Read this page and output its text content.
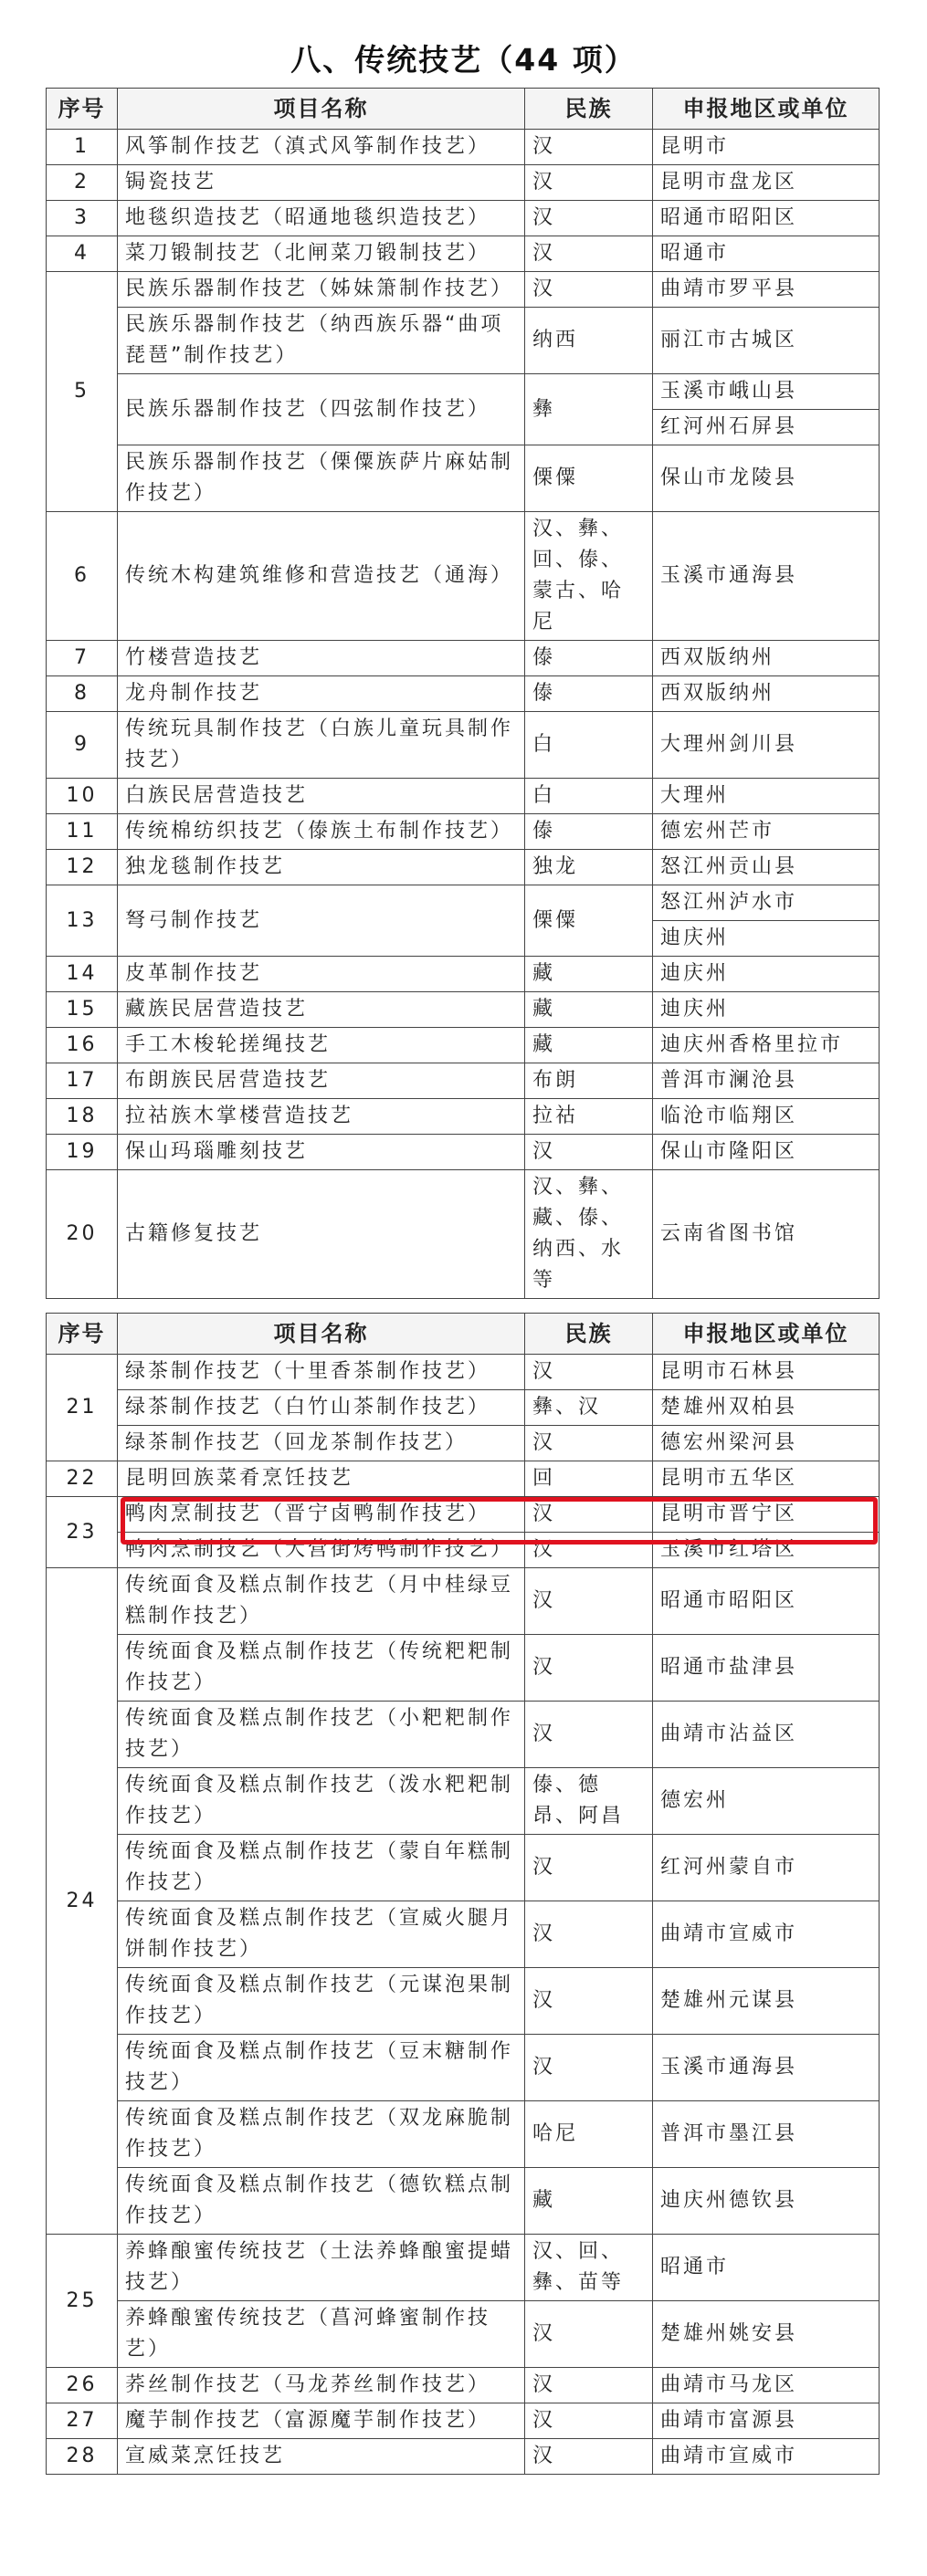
八、传统技艺（44 项）
序号	项目名称	民族	申报地区或单位
1	风筝制作技艺（滇式风筝制作技艺）	汉	昆明市
2	锔瓷技艺	汉	昆明市盘龙区
3	地毯织造技艺（昭通地毯织造技艺）	汉	昭通市昭阳区
4	菜刀锻制技艺（北闸菜刀锻制技艺）	汉	昭通市
5	民族乐器制作技艺（姊妹箫制作技艺）	汉	曲靖市罗平县
	民族乐器制作技艺（纳西族乐器“曲项琵琶”制作技艺）	纳西	丽江市古城区
	民族乐器制作技艺（四弦制作技艺）	彝	玉溪市峨山县
			红河州石屏县
	民族乐器制作技艺（傈僳族萨片麻姑制作技艺）	傈僳	保山市龙陵县
6	传统木构建筑维修和营造技艺（通海）	汉、彝、回、傣、蒙古、哈尼	玉溪市通海县
7	竹楼营造技艺	傣	西双版纳州
8	龙舟制作技艺	傣	西双版纳州
9	传统玩具制作技艺（白族儿童玩具制作技艺）	白	大理州剑川县
10	白族民居营造技艺	白	大理州
11	传统棉纺织技艺（傣族土布制作技艺）	傣	德宏州芒市
12	独龙毯制作技艺	独龙	怒江州贡山县
13	弩弓制作技艺	傈僳	怒江州泸水市
			迪庆州
14	皮革制作技艺	藏	迪庆州
15	藏族民居营造技艺	藏	迪庆州
16	手工木梭轮搓绳技艺	藏	迪庆州香格里拉市
17	布朗族民居营造技艺	布朗	普洱市澜沧县
18	拉祜族木掌楼营造技艺	拉祜	临沧市临翔区
19	保山玛瑙雕刻技艺	汉	保山市隆阳区
20	古籍修复技艺	汉、彝、藏、傣、纳西、水等	云南省图书馆
序号	项目名称	民族	申报地区或单位
21	绿茶制作技艺（十里香茶制作技艺）	汉	昆明市石林县
	绿茶制作技艺（白竹山茶制作技艺）	彝、汉	楚雄州双柏县
	绿茶制作技艺（回龙茶制作技艺）	汉	德宏州梁河县
22	昆明回族菜肴烹饪技艺	回	昆明市五华区
23	鸭肉烹制技艺（晋宁卤鸭制作技艺）	汉	昆明市晋宁区
	鸭肉烹制技艺（大营街烤鸭制作技艺）	汉	玉溪市红塔区
24	传统面食及糕点制作技艺（月中桂绿豆糕制作技艺）	汉	昭通市昭阳区
	传统面食及糕点制作技艺（传统粑粑制作技艺）	汉	昭通市盐津县
	传统面食及糕点制作技艺（小粑粑制作技艺）	汉	曲靖市沾益区
	传统面食及糕点制作技艺（泼水粑粑制作技艺）	傣、德昂、阿昌	德宏州
	传统面食及糕点制作技艺（蒙自年糕制作技艺）	汉	红河州蒙自市
	传统面食及糕点制作技艺（宣威火腿月饼制作技艺）	汉	曲靖市宣威市
	传统面食及糕点制作技艺（元谋泡果制作技艺）	汉	楚雄州元谋县
	传统面食及糕点制作技艺（豆末糖制作技艺）	汉	玉溪市通海县
	传统面食及糕点制作技艺（双龙麻脆制作技艺）	哈尼	普洱市墨江县
	传统面食及糕点制作技艺（德钦糕点制作技艺）	藏	迪庆州德钦县
25	养蜂酿蜜传统技艺（土法养蜂酿蜜提蜡技艺）	汉、回、彝、苗等	昭通市
	养蜂酿蜜传统技艺（菖河蜂蜜制作技艺）	汉	楚雄州姚安县
26	荞丝制作技艺（马龙荞丝制作技艺）	汉	曲靖市马龙区
27	魔芋制作技艺（富源魔芋制作技艺）	汉	曲靖市富源县
28	宣威菜烹饪技艺	汉	曲靖市宣威市
